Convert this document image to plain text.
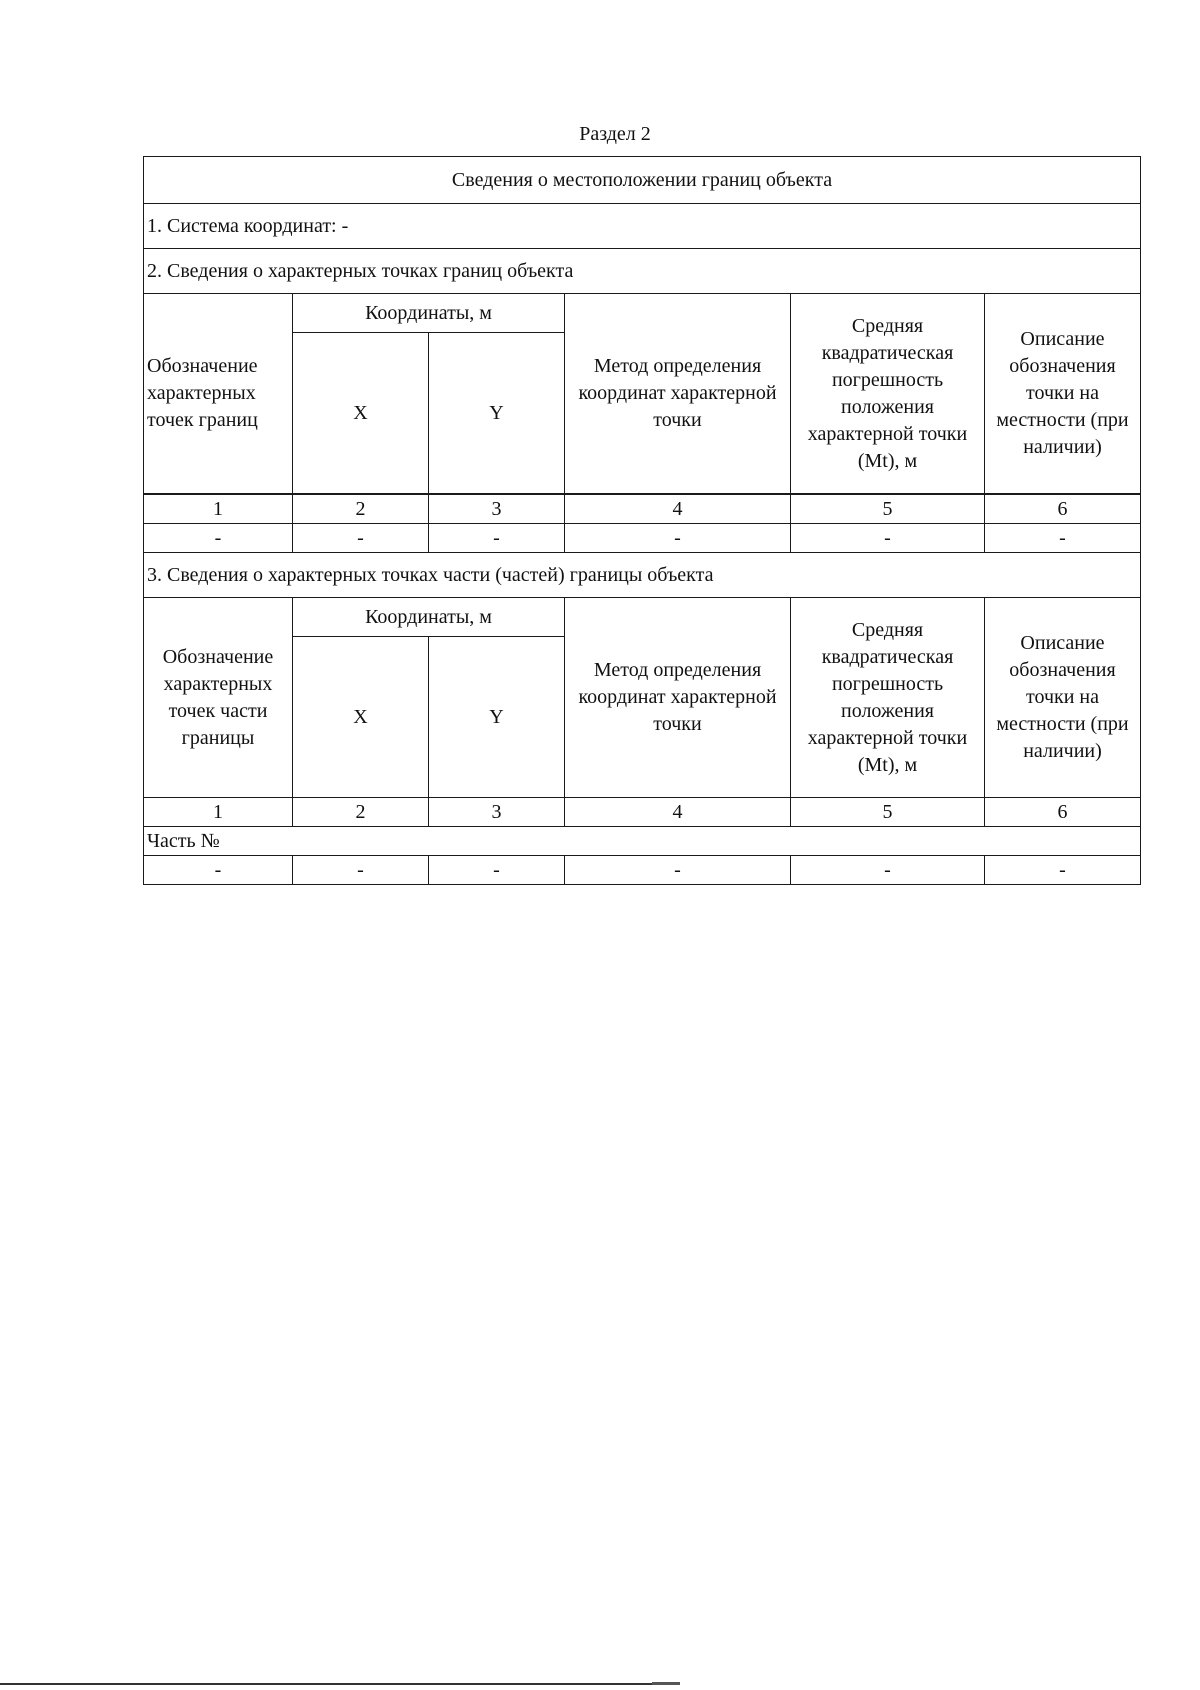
Раздел 2
Сведения о местоположении границ объекта					
1. Система координат: -					
2. Сведения о характерных точках границ объекта					
Обозначение характерных точек границ	Координаты, м		Метод определения координат характерной точки	Средняя квадратическая погрешность положения характерной точки (Mt), м	Описание обозначения точки на местности (при наличии)
	X	Y			
1	2	3	4	5	6
-	-	-	-	-	-
3. Сведения о характерных точках части (частей) границы объекта					
Обозначение характерных точек части границы	Координаты, м		Метод определения координат характерной точки	Средняя квадратическая погрешность положения характерной точки (Mt), м	Описание обозначения точки на местности (при наличии)
	X	Y			
1	2	3	4	5	6
Часть №					
-	-	-	-	-	-
